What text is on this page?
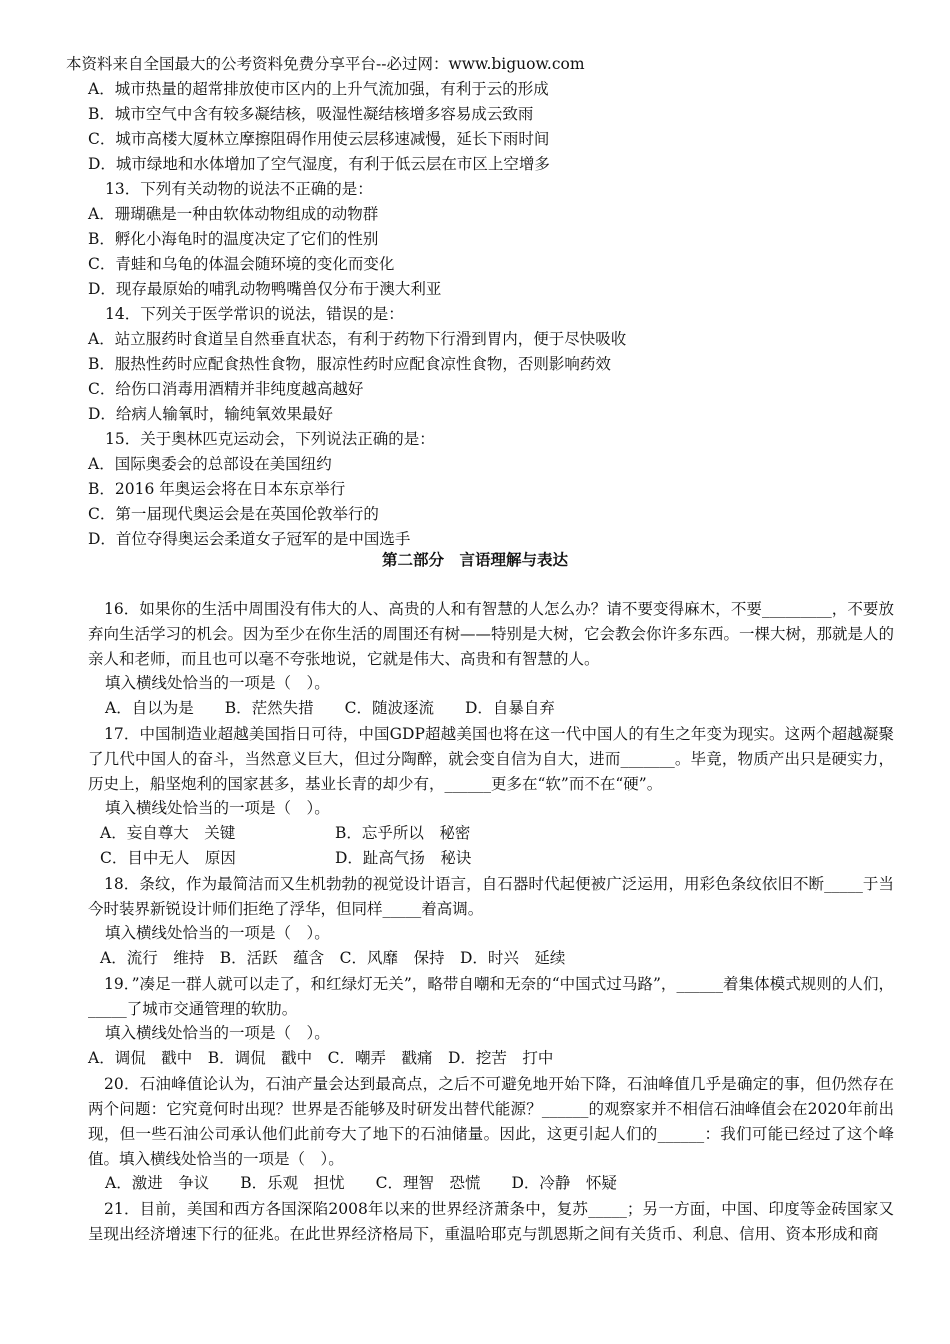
本资料来自全国最大的公考资料免费分享平台--必过网：www.biguow.com
A．城市热量的超常排放使市区内的上升气流加强，有利于云的形成
B．城市空气中含有较多凝结核，吸湿性凝结核增多容易成云致雨
C．城市高楼大厦林立摩擦阻碍作用使云层移速减慢，延长下雨时间
D．城市绿地和水体增加了空气湿度，有利于低云层在市区上空增多
13．下列有关动物的说法不正确的是：
A．珊瑚礁是一种由软体动物组成的动物群
B．孵化小海龟时的温度决定了它们的性别
C．青蛙和乌龟的体温会随环境的变化而变化
D．现存最原始的哺乳动物鸭嘴兽仅分布于澳大利亚
14．下列关于医学常识的说法，错误的是：
A．站立服药时食道呈自然垂直状态，有利于药物下行滑到胃内，便于尽快吸收
B．服热性药时应配食热性食物，服凉性药时应配食凉性食物，否则影响药效
C．给伤口消毒用酒精并非纯度越高越好
D．给病人输氧时，输纯氧效果最好
15．关于奥林匹克运动会，下列说法正确的是：
A．国际奥委会的总部设在美国纽约
B．2016 年奥运会将在日本东京举行
C．第一届现代奥运会是在英国伦敦举行的
D．首位夺得奥运会柔道女子冠军的是中国选手
第二部分　言语理解与表达

16．如果你的生活中周围没有伟大的人、高贵的人和有智慧的人怎么办？请不要变得麻木，不要_________，不要放弃向生活学习的机会。因为至少在你生活的周围还有树——特别是大树，它会教会你许多东西。一棵大树，那就是人的亲人和老师，而且也可以毫不夸张地说，它就是伟大、高贵和有智慧的人。

填入横线处恰当的一项是（　）。
A．自以为是　　B．茫然失措　　C．随波逐流　　D．自暴自弃

17．中国制造业超越美国指日可待，中国GDP超越美国也将在这一代中国人的有生之年变为现实。这两个超越凝聚了几代中国人的奋斗，当然意义巨大，但过分陶醉，就会变自信为自大，进而_______。毕竟，物质产出只是硬实力，历史上，船坚炮利的国家甚多，基业长青的却少有，______更多在“软”而不在“硬”。

填入横线处恰当的一项是（　）。
A．妄自尊大　关键	B．忘乎所以　秘密
C．目中无人　原因	D．趾高气扬　秘诀

18．条纹，作为最简洁而又生机勃勃的视觉设计语言，自石器时代起便被广泛运用，用彩色条纹依旧不断_____于当今时装界新锐设计师们拒绝了浮华，但同样_____着高调。

填入横线处恰当的一项是（　）。
A．流行　维持　B．活跃　蕴含　C．风靡　保持　D．时兴　延续

19．”凑足一群人就可以走了，和红绿灯无关”，略带自嘲和无奈的“中国式过马路”，______着集体模式规则的人们，_____了城市交通管理的软肋。

填入横线处恰当的一项是（　）。
A．调侃　戳中　B．调侃　戳中　C．嘲弄　戳痛　D．挖苦　打中

20．石油峰值论认为，石油产量会达到最高点，之后不可避免地开始下降，石油峰值几乎是确定的事，但仍然存在两个问题：它究竟何时出现？世界是否能够及时研发出替代能源？______的观察家并不相信石油峰值会在2020年前出现，但一些石油公司承认他们此前夸大了地下的石油储量。因此，这更引起人们的______：我们可能已经过了这个峰值。填入横线处恰当的一项是（　）。

A．激进　争议　　B．乐观　担忧　　C．理智　恐慌　　D．冷静　怀疑

21．目前，美国和西方各国深陷2008年以来的世界经济萧条中，复苏_____；另一方面，中国、印度等金砖国家又呈现出经济增速下行的征兆。在此世界经济格局下，重温哈耶克与凯恩斯之间有关货币、利息、信用、资本形成和商
